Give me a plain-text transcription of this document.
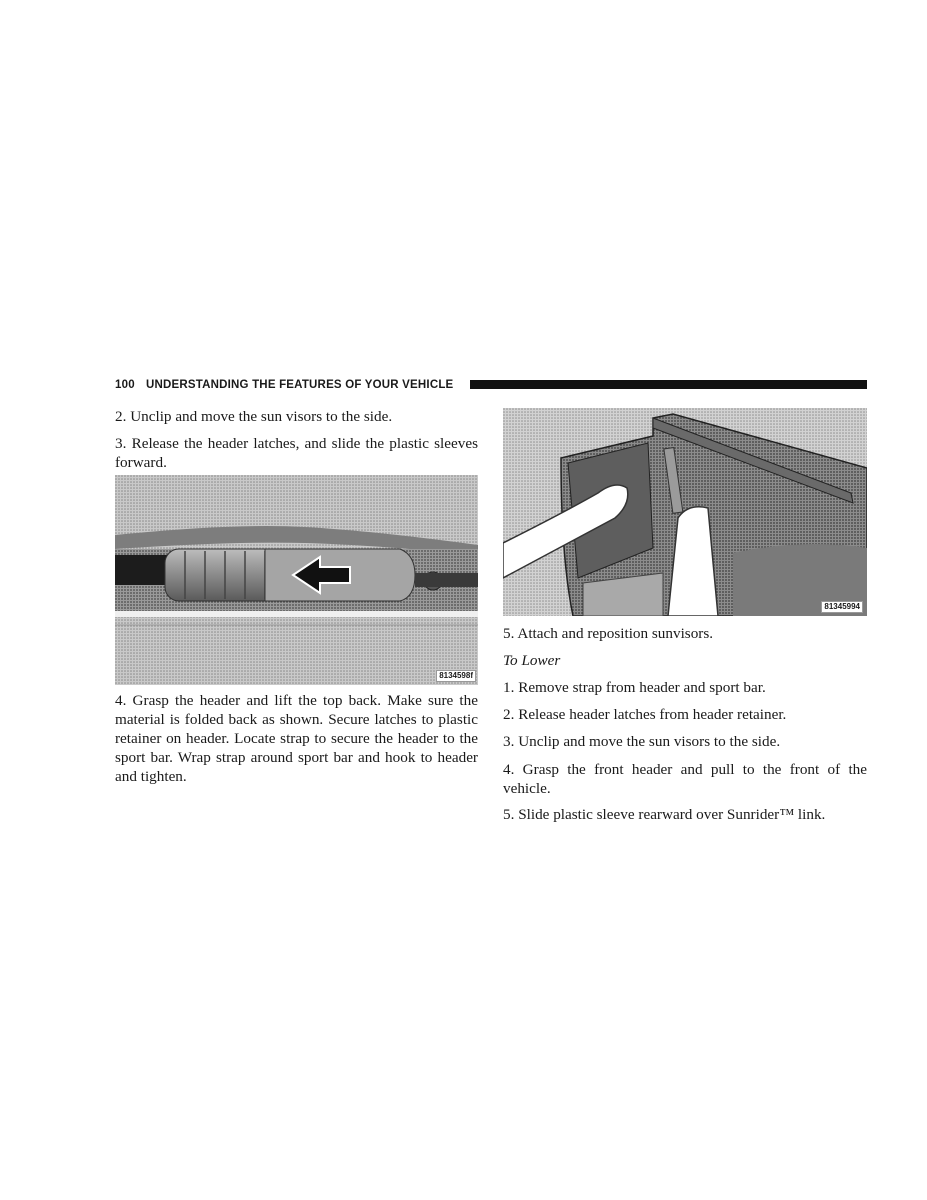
100 UNDERSTANDING THE FEATURES OF YOUR VEHICLE

2. Unclip and move the sun visors to the side.

3. Release the header latches, and slide the plastic sleeves forward.

8134598f

4. Grasp the header and lift the top back. Make sure the material is folded back as shown. Secure latches to plastic retainer on header. Locate strap to secure the header to the sport bar. Wrap strap around sport bar and hook to header and tighten.

81345994

5. Attach and reposition sunvisors.

To Lower

1. Remove strap from header and sport bar.

2. Release header latches from header retainer.

3. Unclip and move the sun visors to the side.

4. Grasp the front header and pull to the front of the vehicle.

5. Slide plastic sleeve rearward over Sunrider™ link.
